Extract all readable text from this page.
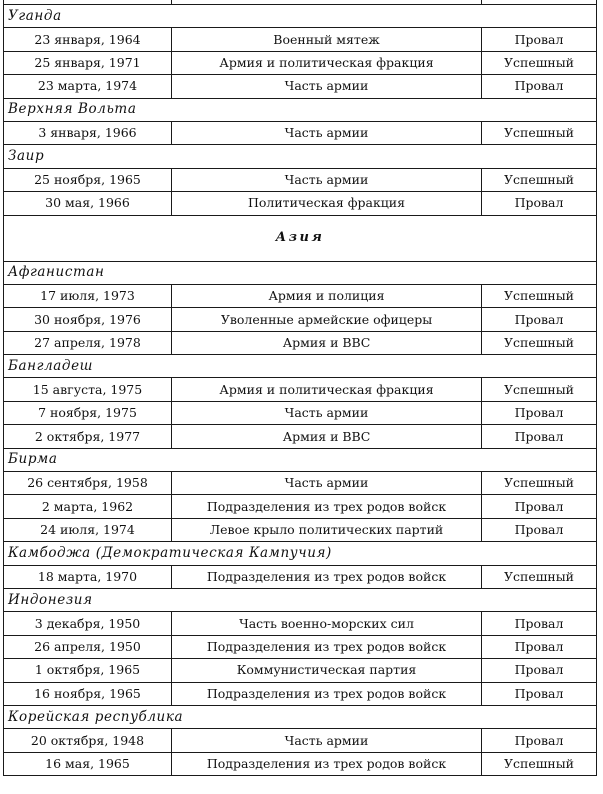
Уганда		
23 января, 1964	Военный мятеж	Провал
25 января, 1971	Армия и политическая фракция	Успешный
23 марта, 1974	Часть армии	Провал
Верхняя Вольта		
3 января, 1966	Часть армии	Успешный
Заир		
25 ноября, 1965	Часть армии	Успешный
30 мая, 1966	Политическая фракция	Провал
Азия		
Афганистан		
17 июля, 1973	Армия и полиция	Успешный
30 ноября, 1976	Уволенные армейские офицеры	Провал
27 апреля, 1978	Армия и ВВС	Успешный
Бангладеш		
15 августа, 1975	Армия и политическая фракция	Успешный
7 ноября, 1975	Часть армии	Провал
2 октября, 1977	Армия и ВВС	Провал
Бирма		
26 сентября, 1958	Часть армии	Успешный
2 марта, 1962	Подразделения из трех родов войск	Провал
24 июля, 1974	Левое крыло политических партий	Провал
Камбоджа (Демократическая Кампучия)		
18 марта, 1970	Подразделения из трех родов войск	Успешный
Индонезия		
3 декабря, 1950	Часть военно-морских сил	Провал
26 апреля, 1950	Подразделения из трех родов войск	Провал
1 октября, 1965	Коммунистическая партия	Провал
16 ноября, 1965	Подразделения из трех родов войск	Провал
Корейская республика		
20 октября, 1948	Часть армии	Провал
16 мая, 1965	Подразделения из трех родов войск	Успешный
